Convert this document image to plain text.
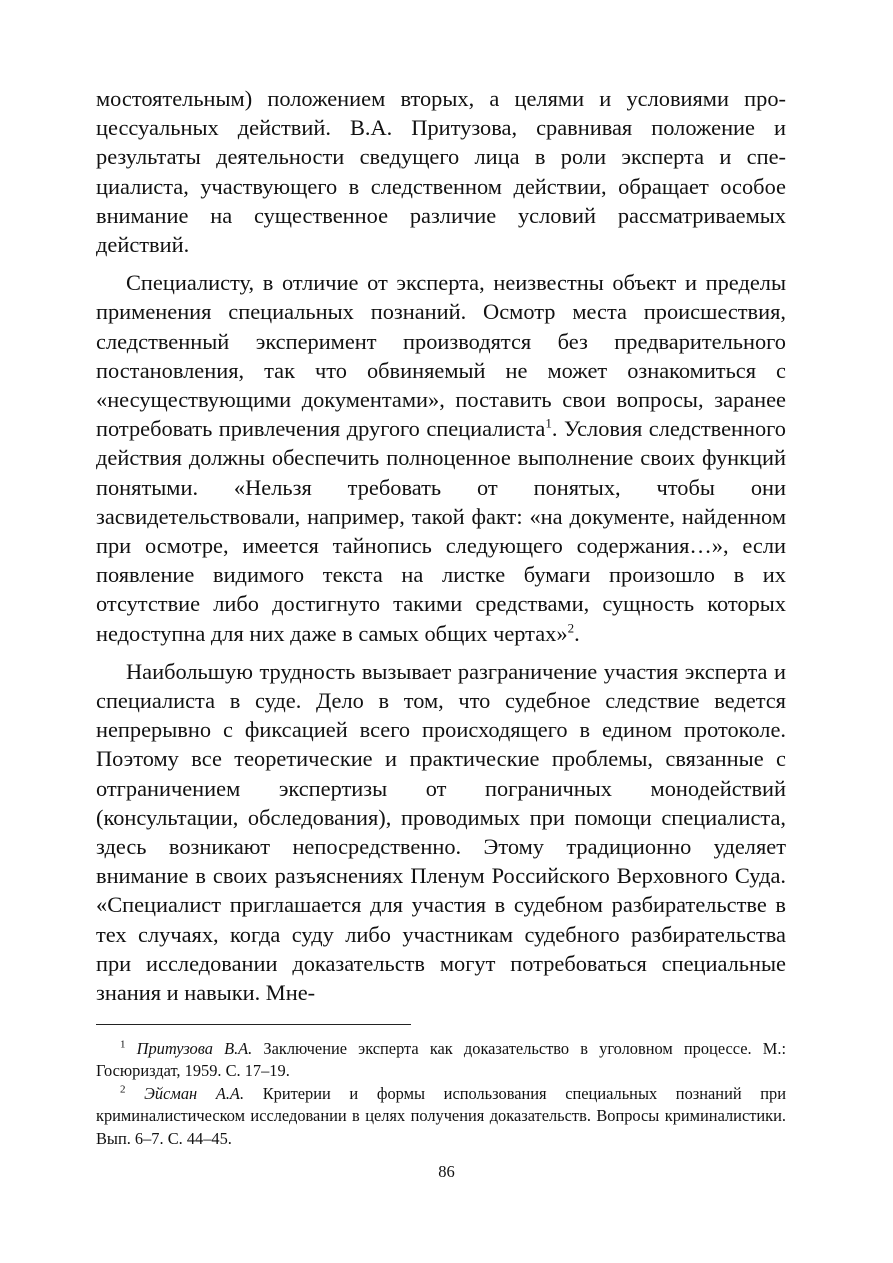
мостоятельным) положением вторых, а целями и условиями процессуальных действий. В.А. Притузова, сравнивая положение и результаты деятельности сведущего лица в роли эксперта и специалиста, участвующего в следственном действии, обращает особое внимание на существенное различие условий рассматриваемых действий.

Специалисту, в отличие от эксперта, неизвестны объект и пределы применения специальных познаний. Осмотр места происшествия, следственный эксперимент производятся без предварительного постановления, так что обвиняемый не может ознакомиться с «несуществующими документами», поставить свои вопросы, заранее потребовать привлечения другого специалиста$^1$. Условия следственного действия должны обеспечить полноценное выполнение своих функций понятыми. «Нельзя требовать от понятых, чтобы они засвидетельствовали, например, такой факт: «на документе, найденном при осмотре, имеется тайнопись следующего содержания…», если появление видимого текста на листке бумаги произошло в их отсутствие либо достигнуто такими средствами, сущность которых недоступна для них даже в самых общих чертах»$^2$.

Наибольшую трудность вызывает разграничение участия эксперта и специалиста в суде. Дело в том, что судебное следствие ведется непрерывно с фиксацией всего происходящего в едином протоколе. Поэтому все теоретические и практические проблемы, связанные с отграничением экспертизы от пограничных монодействий (консультации, обследования), проводимых при помощи специалиста, здесь возникают непосредственно. Этому традиционно уделяет внимание в своих разъяснениях Пленум Российского Верховного Суда. «Специалист приглашается для участия в судебном разбирательстве в тех случаях, когда суду либо участникам судебного разбирательства при исследовании доказательств могут потребоваться специальные знания и навыки. Мне-

$^1$ Притузова В.А. Заключение эксперта как доказательство в уголовном процессе. М.: Госюриздат, 1959. С. 17–19.

$^2$ Эйсман А.А. Критерии и формы использования специальных познаний при криминалистическом исследовании в целях получения доказательств. Вопросы криминалистики. Вып. 6–7. С. 44–45.

86
